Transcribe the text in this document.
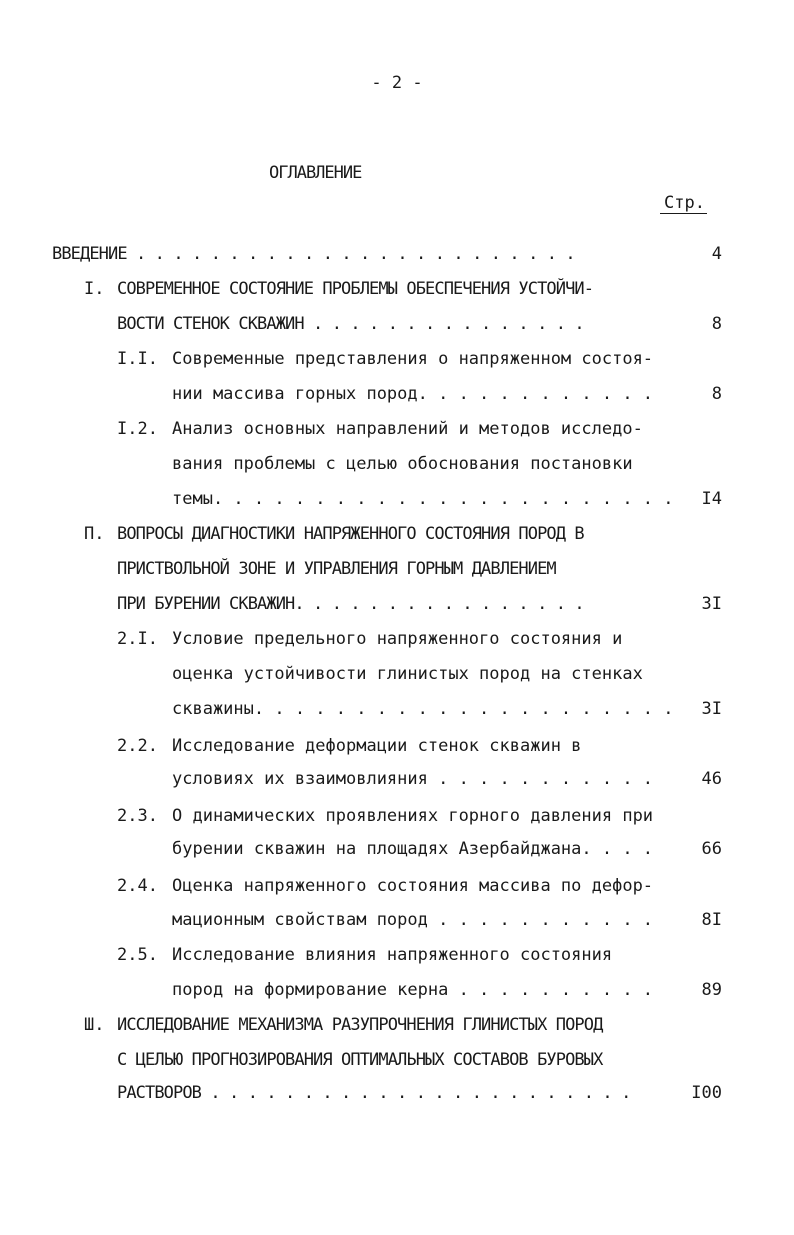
- 2 -
ОГЛАВЛЕНИЕ
Стр.
ВВЕДЕНИЕ . . . . . . . . . . . . . . . . . . . . . . . .	4
I. СОВРЕМЕННОЕ СОСТОЯНИЕ ПРОБЛЕМЫ ОБЕСПЕЧЕНИЯ УСТОЙЧИ-
ВОСТИ СТЕНОК СКВАЖИН . . . . . . . . . . . . . . .	8
I.I. Современные представления о напряженном состоя-
нии массива горных пород. . . . . . . . . . . .	8
I.2. Анализ основных направлений и методов исследо-
вания проблемы с целью обоснования постановки
темы. . . . . . . . . . . . . . . . . . . . . . . I4
П. ВОПРОСЫ ДИАГНОСТИКИ НАПРЯЖЕННОГО СОСТОЯНИЯ ПОРОД В
ПРИСТВОЛЬНОЙ ЗОНЕ И УПРАВЛЕНИЯ ГОРНЫМ ДАВЛЕНИЕМ
ПРИ БУРЕНИИ СКВАЖИН. . . . . . . . . . . . . . . .	3I
2.I. Условие предельного напряженного состояния и
оценка устойчивости глинистых пород на стенках
скважины. . . . . . . . . . . . . . . . . . . . . 3I
2.2. Исследование деформации стенок скважин в
условиях их взаимовлияния . . . . . . . . . . .	46
2.3. О динамических проявлениях горного давления при
бурении скважин на площадях Азербайджана. . . .	66
2.4. Оценка напряженного состояния массива по дефор-
мационным свойствам пород . . . . . . . . . . .	8I
2.5. Исследование влияния напряженного состояния
пород на формирование керна . . . . . . . . . .	89
Ш. ИССЛЕДОВАНИЕ МЕХАНИЗМА РАЗУПРОЧНЕНИЯ ГЛИНИСТЫХ ПОРОД
С ЦЕЛЬЮ ПРОГНОЗИРОВАНИЯ ОПТИМАЛЬНЫХ СОСТАВОВ БУРОВЫХ
РАСТВОРОВ . . . . . . . . . . . . . . . . . . . . . . .	I00
